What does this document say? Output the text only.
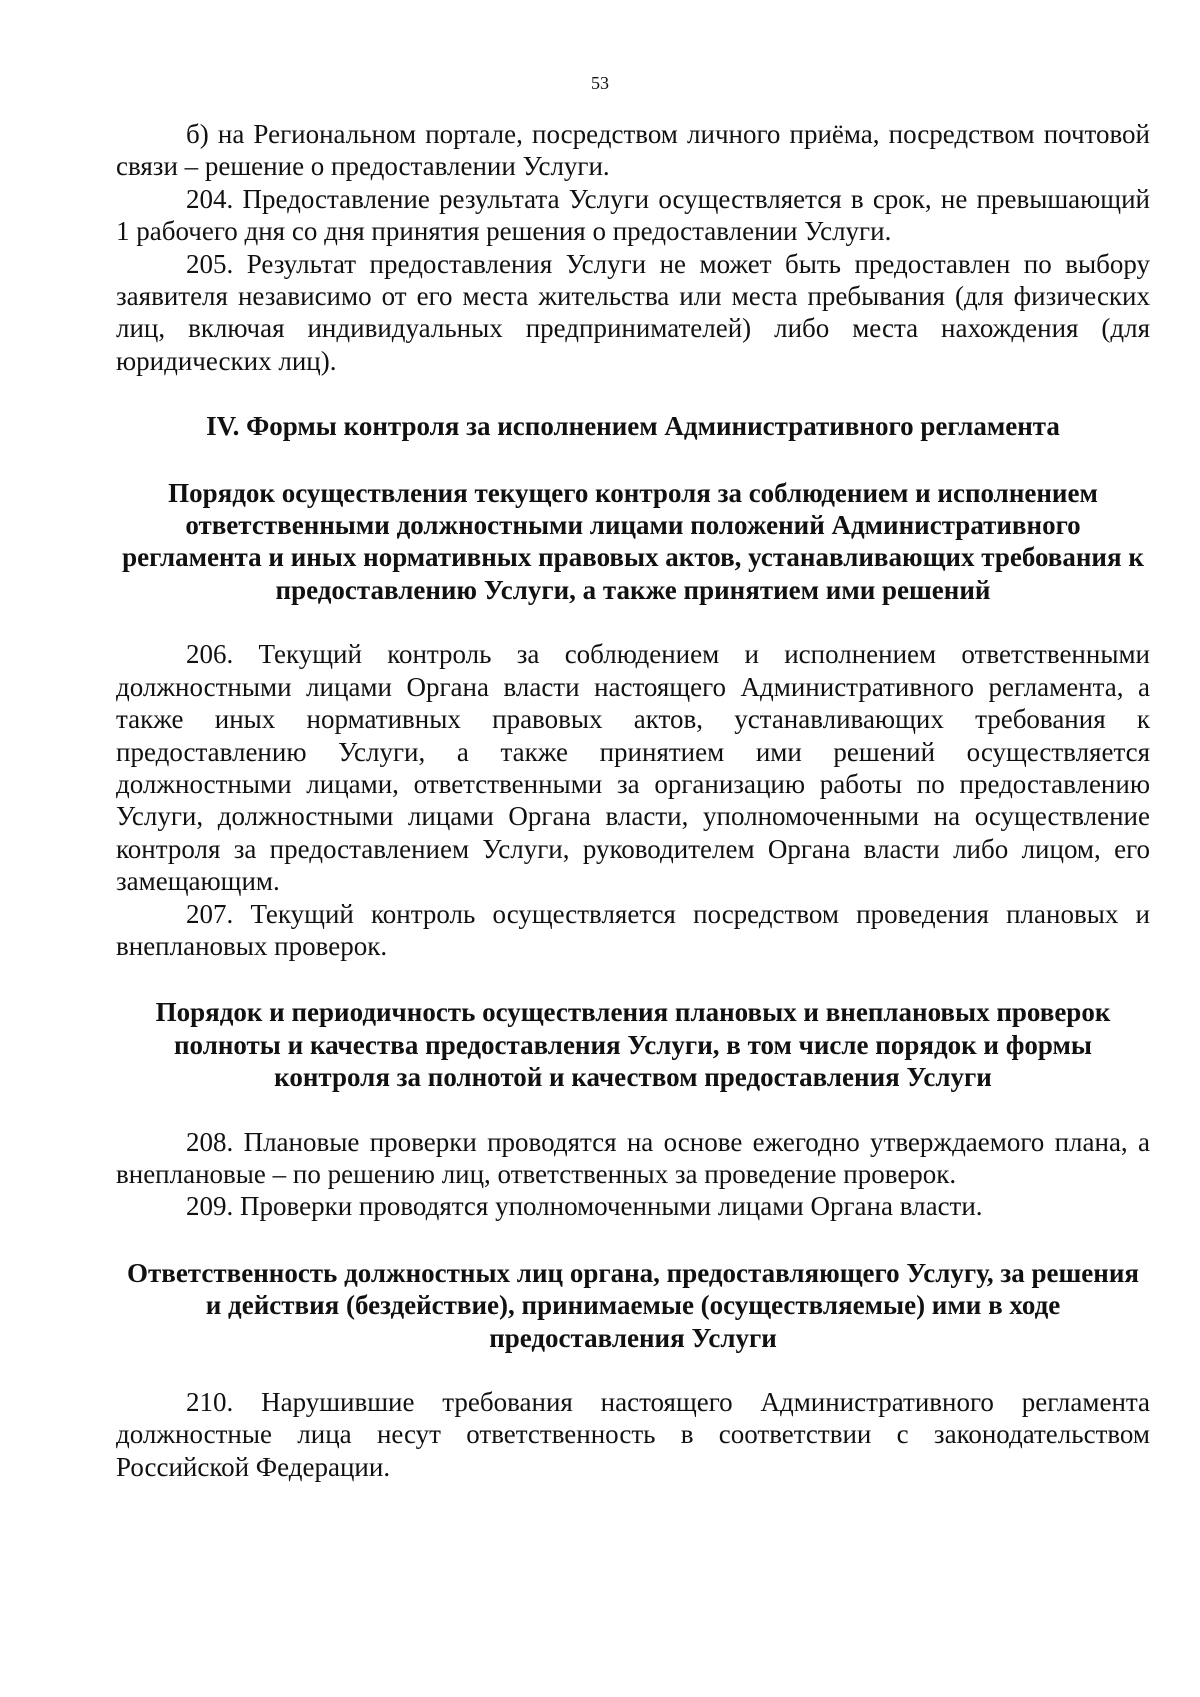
53

б) на Региональном портале, посредством личного приёма, посредством почтовой связи – решение о предоставлении Услуги.

204. Предоставление результата Услуги осуществляется в срок, не превышающий 1 рабочего дня со дня принятия решения о предоставлении Услуги.

205. Результат предоставления Услуги не может быть предоставлен по выбору заявителя независимо от его места жительства или места пребывания (для физических лиц, включая индивидуальных предпринимателей) либо места нахождения (для юридических лиц).

IV. Формы контроля за исполнением Административного регламента

Порядок осуществления текущего контроля за соблюдением и исполнением ответственными должностными лицами положений Административного регламента и иных нормативных правовых актов, устанавливающих требования к предоставлению Услуги, а также принятием ими решений

206. Текущий контроль за соблюдением и исполнением ответственными должностными лицами Органа власти настоящего Административного регламента, а также иных нормативных правовых актов, устанавливающих требования к предоставлению Услуги, а также принятием ими решений осуществляется должностными лицами, ответственными за организацию работы по предоставлению Услуги, должностными лицами Органа власти, уполномоченными на осуществление контроля за предоставлением Услуги, руководителем Органа власти либо лицом, его замещающим.

207. Текущий контроль осуществляется посредством проведения плановых и внеплановых проверок.

Порядок и периодичность осуществления плановых и внеплановых проверок полноты и качества предоставления Услуги, в том числе порядок и формы контроля за полнотой и качеством предоставления Услуги

208. Плановые проверки проводятся на основе ежегодно утверждаемого плана, а внеплановые – по решению лиц, ответственных за проведение проверок.

209. Проверки проводятся уполномоченными лицами Органа власти.

Ответственность должностных лиц органа, предоставляющего Услугу, за решения и действия (бездействие), принимаемые (осуществляемые) ими в ходе предоставления Услуги

210. Нарушившие требования настоящего Административного регламента должностные лица несут ответственность в соответствии с законодательством Российской Федерации.
